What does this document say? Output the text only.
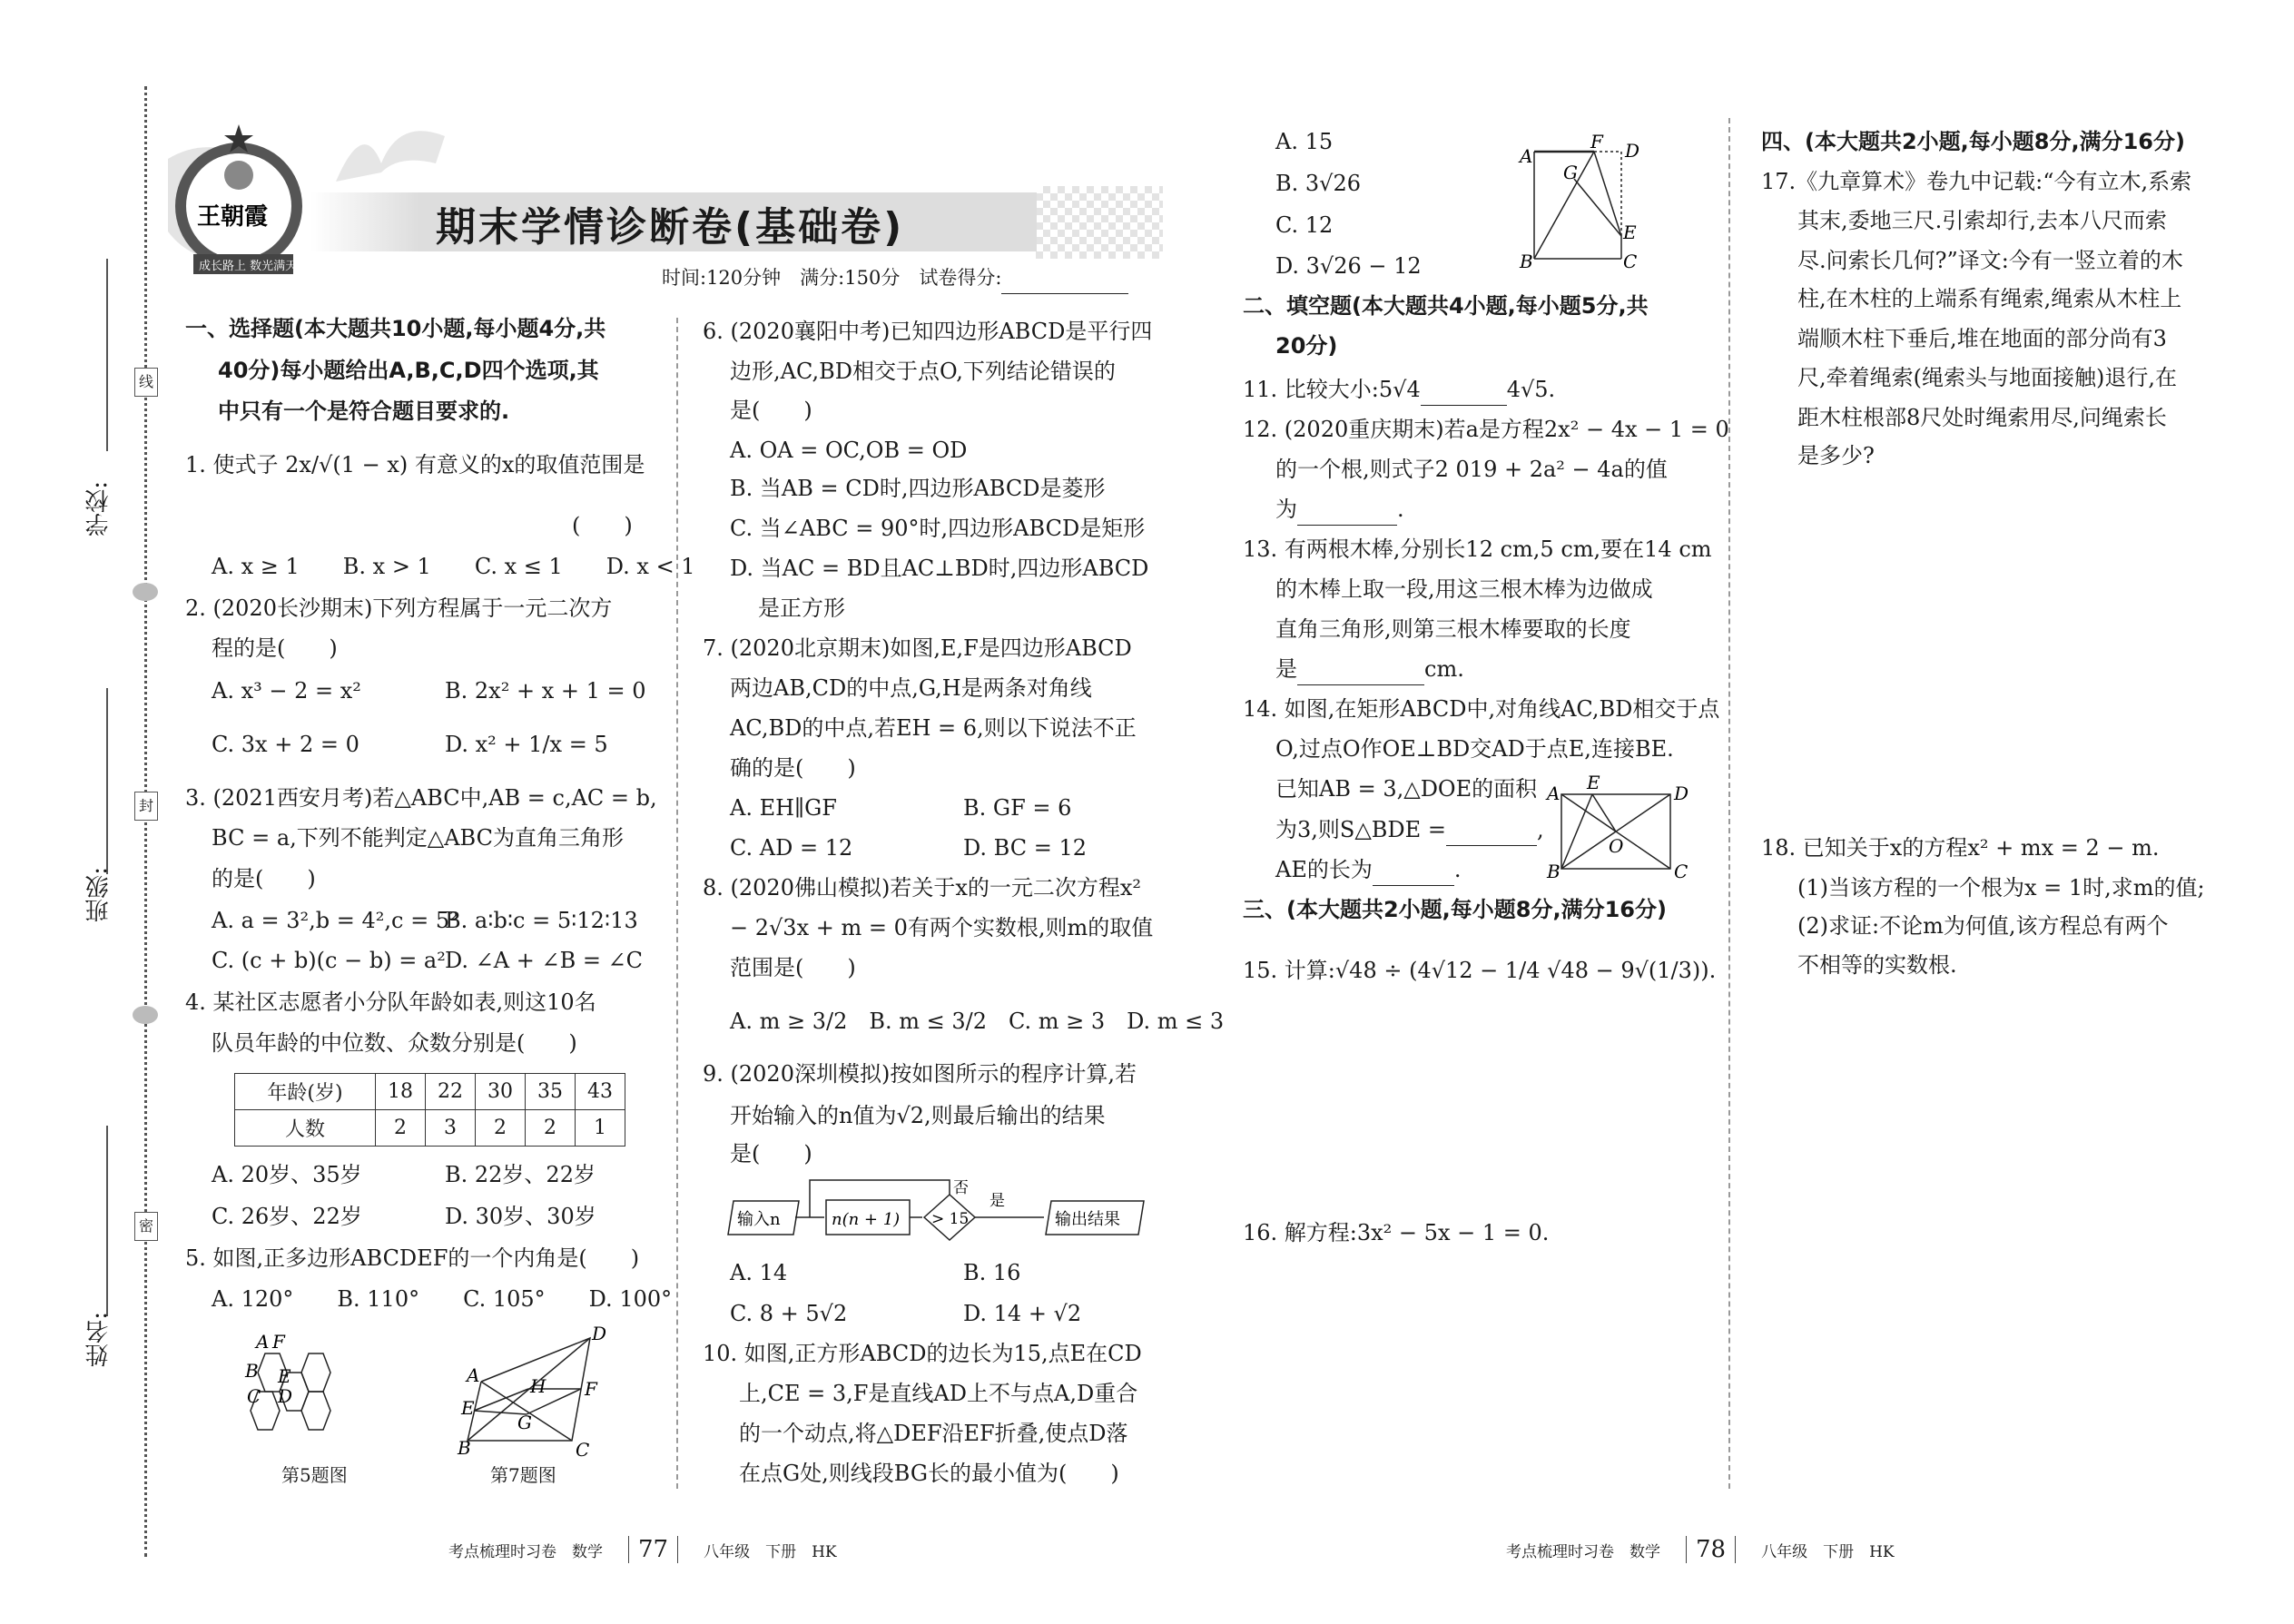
线
封
密
学校:
班级:
姓名:
王朝霞
成长路上 数光满天
期末学情诊断卷(基础卷)
时间:120分钟　满分:150分　试卷得分:
一、选择题(本大题共10小题,每小题4分,共
40分)每小题给出A,B,C,D四个选项,其
中只有一个是符合题目要求的.
1. 使式子 2x/√(1 − x) 有意义的x的取值范围是
(　　)
A. x ≥ 1　　B. x > 1　　C. x ≤ 1　　D. x < 1
2. (2020长沙期末)下列方程属于一元二次方
程的是(　　)
A. x³ − 2 = x²	B. 2x² + x + 1 = 0
C. 3x + 2 = 0	D. x² + 1/x = 5
3. (2021西安月考)若△ABC中,AB = c,AC = b,
BC = a,下列不能判定△ABC为直角三角形
的是(　　)
A. a = 3²,b = 4²,c = 5²
B. a∶b∶c = 5∶12∶13
C. (c + b)(c − b) = a² D. ∠A + ∠B = ∠C
4. 某社区志愿者小分队年龄如表,则这10名
队员年龄的中位数、众数分别是(　　)
年龄(岁)	18	22	30	35	43
人数	2	3	2	2	1
A. 20岁、35岁	B. 22岁、22岁
C. 26岁、22岁	D. 30岁、30岁
5. 如图,正多边形ABCDEF的一个内角是(　　)
A. 120°　　B. 110°　　C. 105°　　D. 100°
A F
B E
C D
第5题图
A
D
B	C
E
F
H
G
第7题图
6. (2020襄阳中考)已知四边形ABCD是平行四
边形,AC,BD相交于点O,下列结论错误的
是(　　)
A. OA = OC,OB = OD
B. 当AB = CD时,四边形ABCD是菱形
C. 当∠ABC = 90°时,四边形ABCD是矩形
D. 当AC = BD且AC⊥BD时,四边形ABCD
是正方形
7. (2020北京期末)如图,E,F是四边形ABCD
两边AB,CD的中点,G,H是两条对角线
AC,BD的中点,若EH = 6,则以下说法不正
确的是(　　)
A. EH∥GF	B. GF = 6
C. AD = 12	D. BC = 12
8. (2020佛山模拟)若关于x的一元二次方程x²
− 2√3x + m = 0有两个实数根,则m的取值
范围是(　　)
A. m ≥ 3/2　B. m ≤ 3/2　C. m ≥ 3　D. m ≤ 3
9. (2020深圳模拟)按如图所示的程序计算,若
开始输入的n值为√2,则最后输出的结果
是(　　)
输入n	n(n + 1) > 15
否
是
输出结果
A. 14	B. 16
C. 8 + 5√2	D. 14 + √2
10. 如图,正方形ABCD的边长为15,点E在CD
上,CE = 3,F是直线AD上不与点A,D重合
的一个动点,将△DEF沿EF折叠,使点D落
在点G处,则线段BG长的最小值为(　　)
A. 15
B. 3√26
C. 12
D. 3√26 − 12
A
F D
G
E
B	C
二、填空题(本大题共4小题,每小题5分,共
20分)
11. 比较大小:5√4	4√5.
12. (2020重庆期末)若a是方程2x² − 4x − 1 = 0
的一个根,则式子2 019 + 2a² − 4a的值
为	.
13. 有两根木棒,分别长12 cm,5 cm,要在14 cm
的木棒上取一段,用这三根木棒为边做成
直角三角形,则第三根木棒要取的长度
是	cm.
14. 如图,在矩形ABCD中,对角线AC,BD相交于点
O,过点O作OE⊥BD交AD于点E,连接BE.
已知AB = 3,△DOE的面积
为3,则S△BDE =	,
AE的长为	.
A E	D
O
B	C
三、(本大题共2小题,每小题8分,满分16分)
15. 计算:√48 ÷ (4√12 − 1/4 √48 − 9√(1/3)).
16. 解方程:3x² − 5x − 1 = 0.
四、(本大题共2小题,每小题8分,满分16分)
17.《九章算术》卷九中记载:“今有立木,系索
其末,委地三尺.引索却行,去本八尺而索
尽.问索长几何?”译文:今有一竖立着的木
柱,在木柱的上端系有绳索,绳索从木柱上
端顺木柱下垂后,堆在地面的部分尚有3
尺,牵着绳索(绳索头与地面接触)退行,在
距木柱根部8尺处时绳索用尽,问绳索长
是多少?
18. 已知关于x的方程x² + mx = 2 − m.
(1)当该方程的一个根为x = 1时,求m的值;
(2)求证:不论m为何值,该方程总有两个
不相等的实数根.
考点梳理时习卷　数学 77 八年级　下册　HK	考点梳理时习卷　数学 78 八年级　下册　HK
